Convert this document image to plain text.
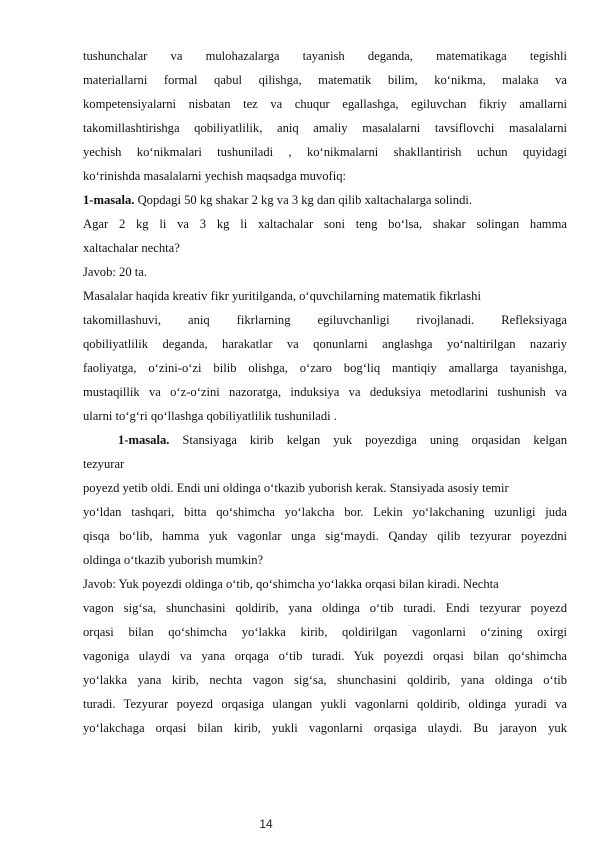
tushunchalar va mulohazalarga tayanish deganda, matematikaga tegishli
materiallarni formal qabul qilishga, matematik bilim, ko‘nikma, malaka va
kompetensiyalarni nisbatan tez va chuqur egallashga, egiluvchan fikriy amallarni
takomillashtirishga qobiliyatlilik, aniq amaliy masalalarni tavsiflovchi masalalarni
yechish ko‘nikmalari tushuniladi , ko‘nikmalarni shakllantirish uchun quyidagi
ko‘rinishda masalalarni yechish maqsadga muvofiq:
1-masala. Qopdagi 50 kg shakar 2 kg va 3 kg dan qilib xaltachalarga solindi.
Agar 2 kg li va 3 kg li xaltachalar soni teng bo‘lsa, shakar solingan hamma
xaltachalar nechta?
Javob: 20 ta.
Masalalar haqida kreativ fikr yuritilganda, o‘quvchilarning matematik fikrlashi
takomillashuvi, aniq fikrlarning egiluvchanligi rivojlanadi. Refleksiyaga
qobiliyatlilik deganda, harakatlar va qonunlarni anglashga yo‘naltirilgan nazariy
faoliyatga, o‘zini-o‘zi bilib olishga, o‘zaro bog‘liq mantiqiy amallarga tayanishga,
mustaqillik va o‘z-o‘zini nazoratga, induksiya va deduksiya metodlarini tushunish va
ularni to‘g‘ri qo‘llashga qobiliyatlilik tushuniladi .
1-masala. Stansiyaga kirib kelgan yuk poyezdiga uning orqasidan kelgan
tezyurar
poyezd yetib oldi. Endi uni oldinga o‘tkazib yuborish kerak. Stansiyada asosiy temir
yo‘ldan tashqari, bitta qo‘shimcha yo‘lakcha bor. Lekin yo‘lakchaning uzunligi juda
qisqa bo‘lib, hamma yuk vagonlar unga sig‘maydi. Qanday qilib tezyurar poyezdni
oldinga o‘tkazib yuborish mumkin?
Javob: Yuk poyezdi oldinga o‘tib, qo‘shimcha yo‘lakka orqasi bilan kiradi. Nechta
vagon sig‘sa, shunchasini qoldirib, yana oldinga o‘tib turadi. Endi tezyurar poyezd
orqasi bilan qo‘shimcha yo‘lakka kirib, qoldirilgan vagonlarni o‘zining oxirgi
vagoniga ulaydi va yana orqaga o‘tib turadi. Yuk poyezdi orqasi bilan qo‘shimcha
yo‘lakka yana kirib, nechta vagon sig‘sa, shunchasini qoldirib, yana oldinga o‘tib
turadi. Tezyurar poyezd orqasiga ulangan yukli vagonlarni qoldirib, oldinga yuradi va
yo‘lakchaga orqasi bilan kirib, yukli vagonlarni orqasiga ulaydi. Bu jarayon yuk
14
